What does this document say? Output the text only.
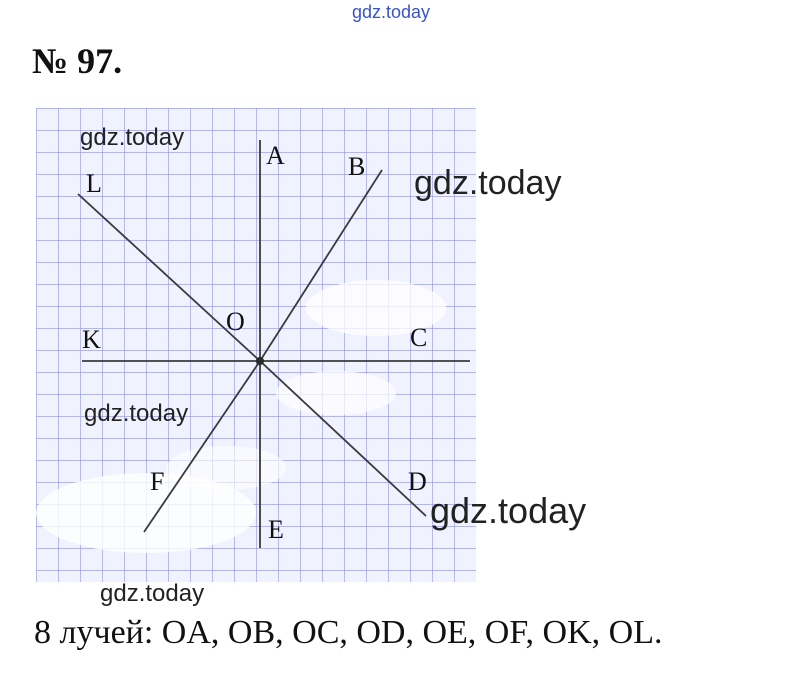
gdz.today
№ 97.
A B
L
O
K	C
D
F
E
gdz.today
gdz.today
gdz.today
gdz.today
gdz.today
8 лучей: OA, OB, OC, OD, OE, OF, OK, OL.
